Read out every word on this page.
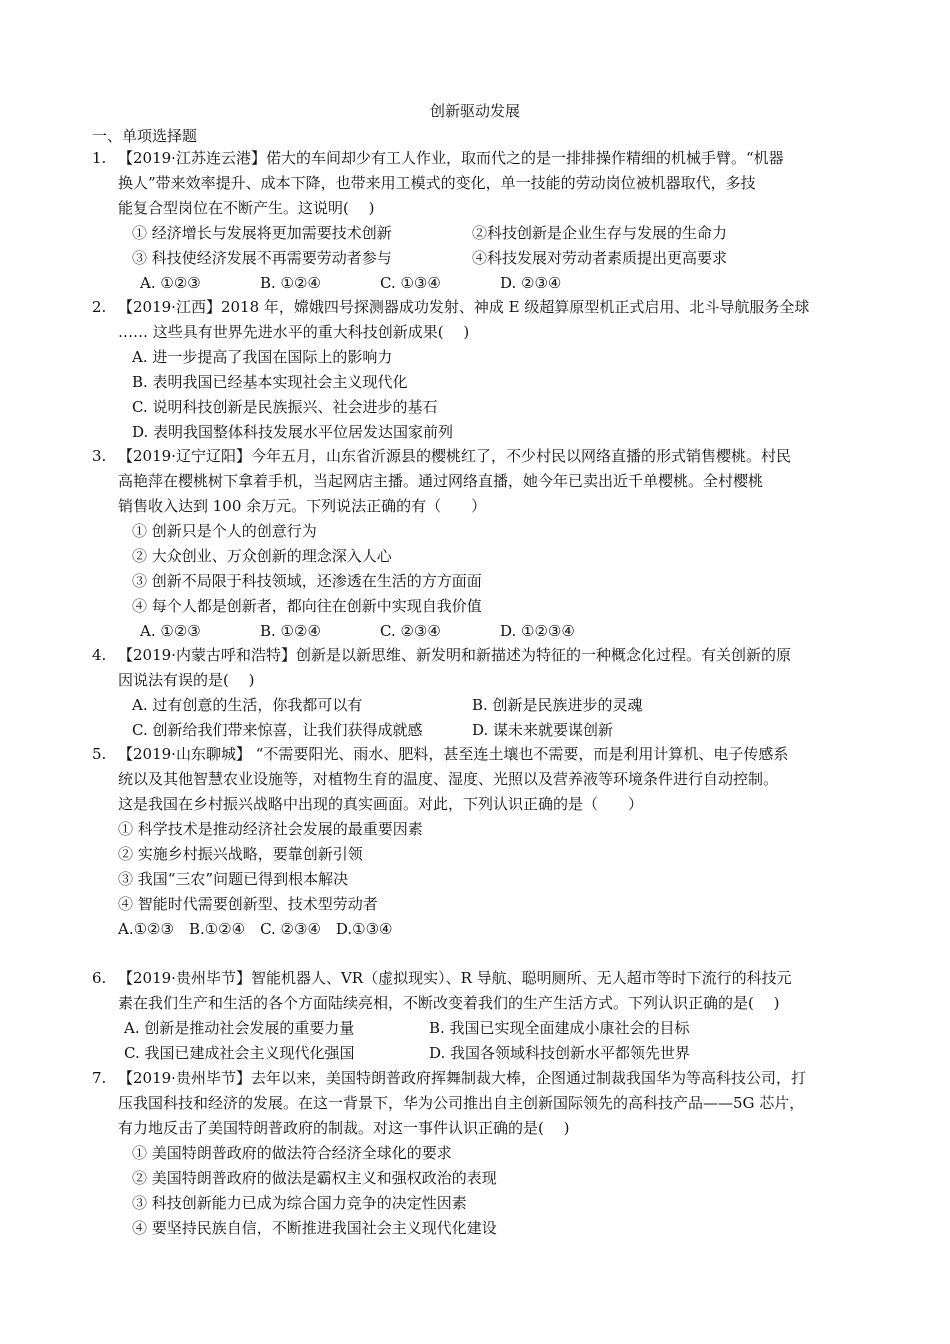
创新驱动发展
一、单项选择题
1. 【2019·江苏连云港】偌大的车间却少有工人作业，取而代之的是一排排操作精细的机械手臂。“机器
换人”带来效率提升、成本下降，也带来用工模式的变化，单一技能的劳动岗位被机器取代，多技
能复合型岗位在不断产生。这说明(　 )
① 经济增长与发展将更加需要技术创新	②科技创新是企业生存与发展的生命力
③ 科技使经济发展不再需要劳动者参与	④科技发展对劳动者素质提出更高要求
A. ①②③	B. ①②④	C. ①③④	D. ②③④
2. 【2019·江西】2018 年，嫦娥四号探测器成功发射、神成 E 级超算原型机正式启用、北斗导航服务全球
…… 这些具有世界先进水平的重大科技创新成果(　 )
A. 进一步提高了我国在国际上的影响力
B. 表明我国已经基本实现社会主义现代化
C. 说明科技创新是民族振兴、社会进步的基石
D. 表明我国整体科技发展水平位居发达国家前列
3. 【2019·辽宁辽阳】今年五月，山东省沂源县的樱桃红了，不少村民以网络直播的形式销售樱桃。村民
高艳萍在樱桃树下拿着手机，当起网店主播。通过网络直播，她今年已卖出近千单樱桃。全村樱桃
销售收入达到 100 余万元。下列说法正确的有（　　）
① 创新只是个人的创意行为
② 大众创业、万众创新的理念深入人心
③ 创新不局限于科技领域，还渗透在生活的方方面面
④ 每个人都是创新者，都向往在创新中实现自我价值
A. ①②③	B. ①②④	C. ②③④	D. ①②③④
4. 【2019·内蒙古呼和浩特】创新是以新思维、新发明和新描述为特征的一种概念化过程。有关创新的原
因说法有误的是(　 )
A. 过有创意的生活，你我都可以有	B. 创新是民族进步的灵魂
C. 创新给我们带来惊喜，让我们获得成就感	D. 谋未来就要谋创新
5. 【2019·山东聊城】 “不需要阳光、雨水、肥料，甚至连土壤也不需要，而是利用计算机、电子传感系
统以及其他智慧农业设施等，对植物生育的温度、湿度、光照以及营养液等环境条件进行自动控制。
这是我国在乡村振兴战略中出现的真实画面。对此，下列认识正确的是（　　）
① 科学技术是推动经济社会发展的最重要因素
② 实施乡村振兴战略，要靠创新引领
③ 我国“三农”问题已得到根本解决
④ 智能时代需要创新型、技术型劳动者
A.①②③　B.①②④　C. ②③④　D.①③④
6. 【2019·贵州毕节】智能机器人、VR（虚拟现实）、R 导航、聪明厕所、无人超市等时下流行的科技元
素在我们生产和生活的各个方面陆续亮相，不断改变着我们的生产生活方式。下列认识正确的是(　 )
A. 创新是推动社会发展的重要力量	B. 我国已实现全面建成小康社会的目标
C. 我国已建成社会主义现代化强国	D. 我国各领域科技创新水平都领先世界
7. 【2019·贵州毕节】去年以来，美国特朗普政府挥舞制裁大棒，企图通过制裁我国华为等高科技公司，打
压我国科技和经济的发展。在这一背景下，华为公司推出自主创新国际领先的高科技产品——5G 芯片，
有力地反击了美国特朗普政府的制裁。对这一事件认识正确的是(　 )
① 美国特朗普政府的做法符合经济全球化的要求
② 美国特朗普政府的做法是霸权主义和强权政治的表现
③ 科技创新能力已成为综合国力竞争的决定性因素
④ 要坚持民族自信，不断推进我国社会主义现代化建设
